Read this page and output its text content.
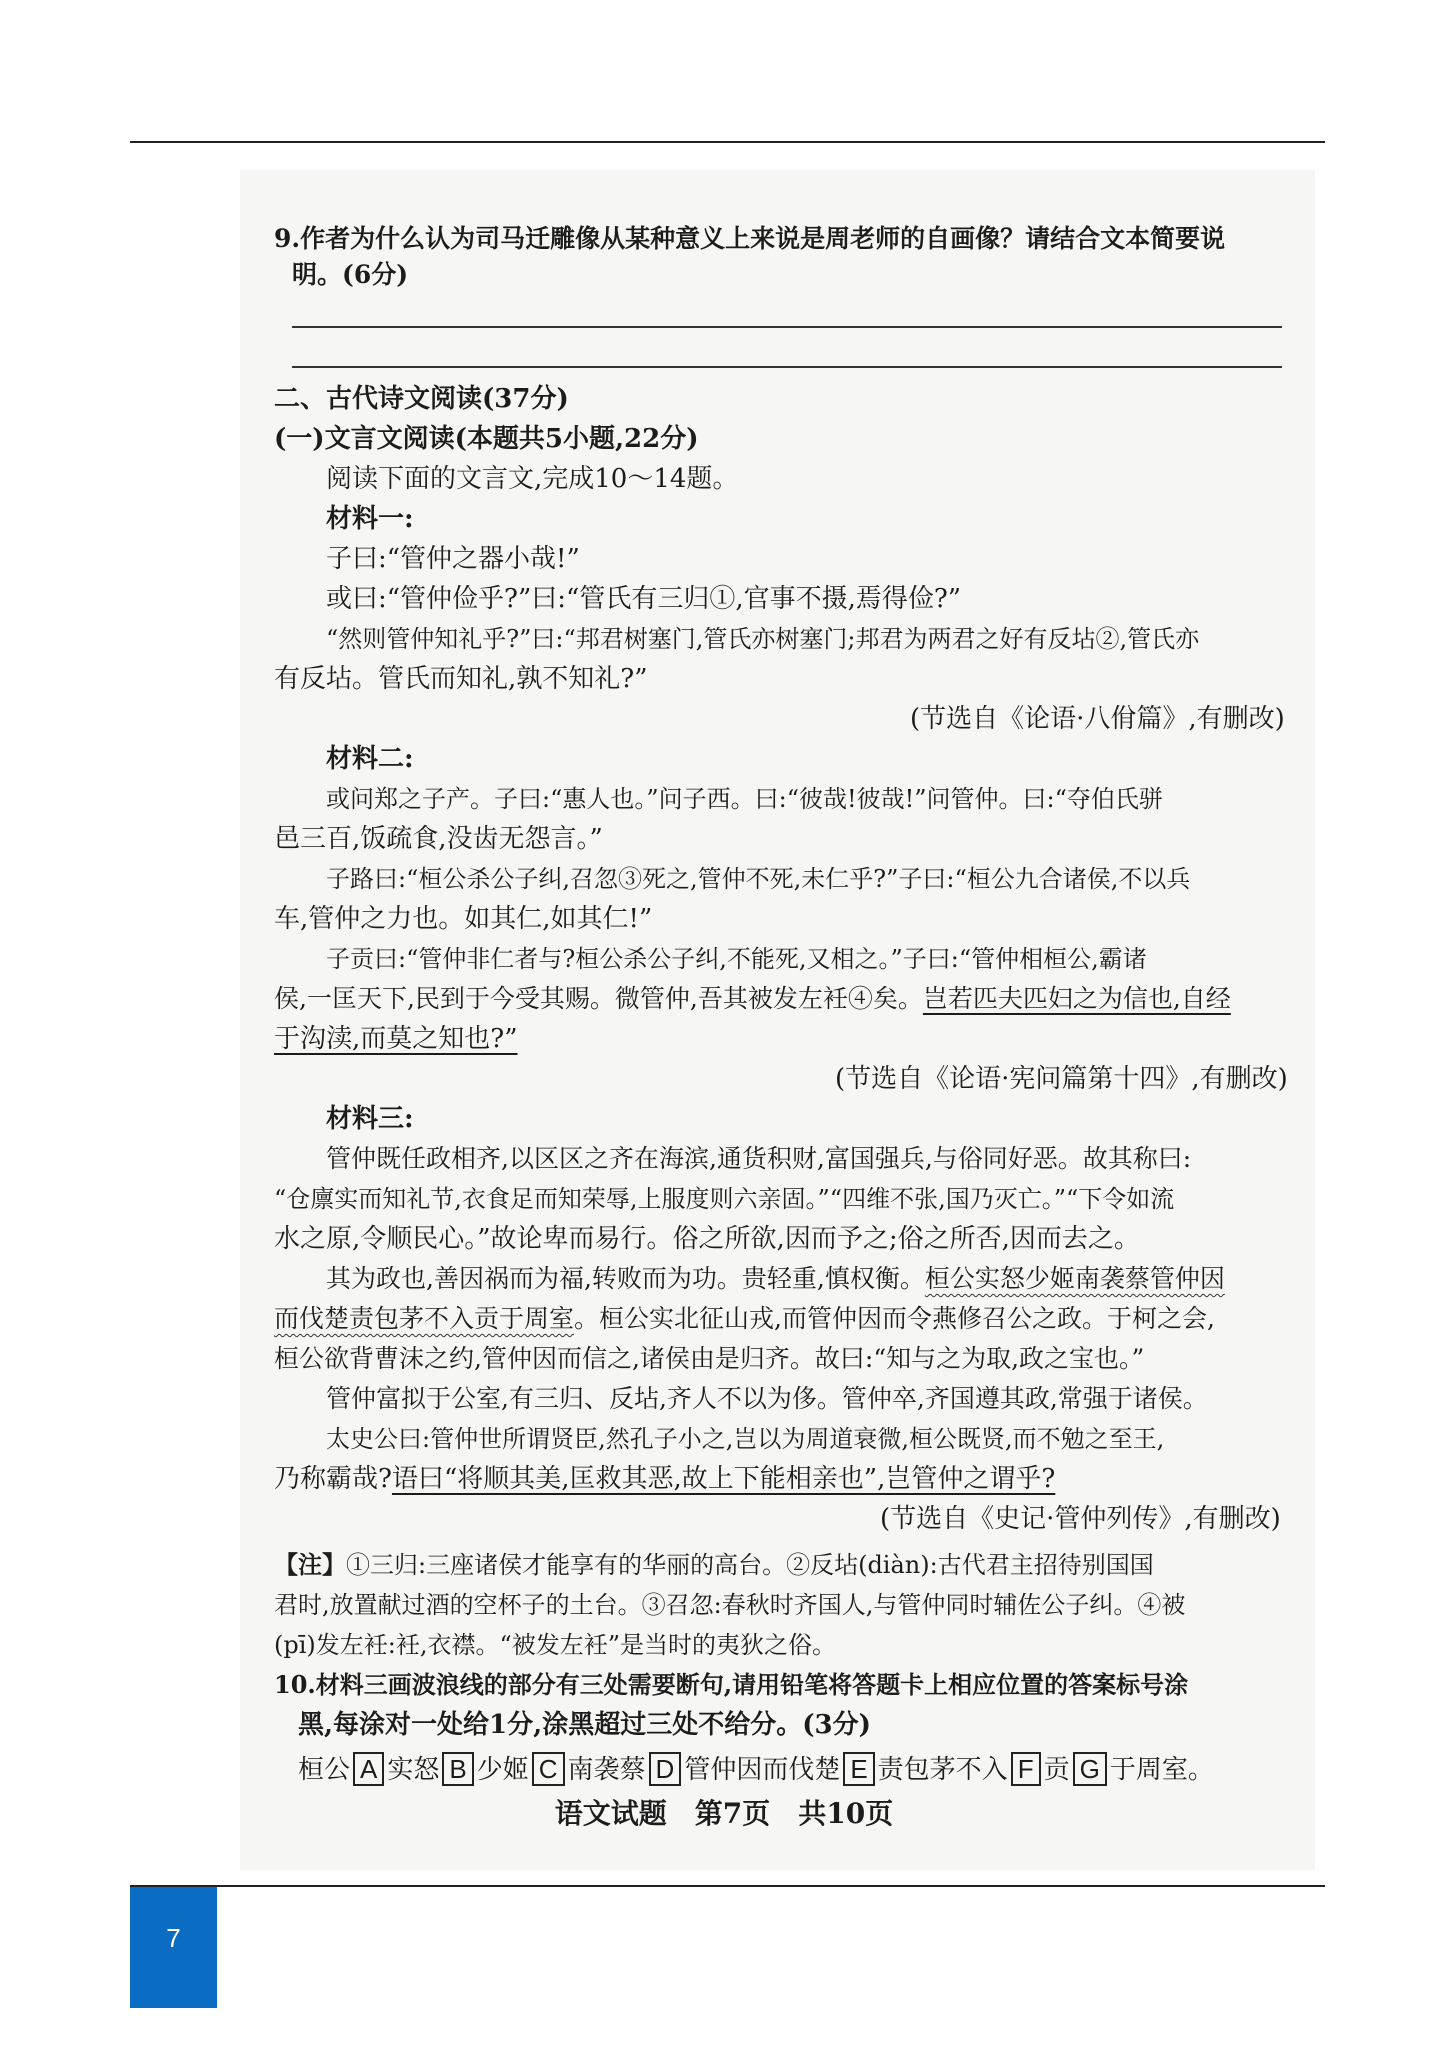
9.作者为什么认为司马迁雕像从某种意义上来说是周老师的自画像？请结合文本简要说
明。(6分)
二、古代诗文阅读(37分)
(一)文言文阅读(本题共5小题,22分)
阅读下面的文言文,完成10～14题。
材料一:
子曰:“管仲之器小哉!”
或曰:“管仲俭乎?”曰:“管氏有三归①,官事不摄,焉得俭?”
“然则管仲知礼乎?”曰:“邦君树塞门,管氏亦树塞门;邦君为两君之好有反坫②,管氏亦
有反坫。管氏而知礼,孰不知礼?”
(节选自《论语·八佾篇》,有删改)
材料二:
或问郑之子产。子曰:“惠人也。”问子西。曰:“彼哉!彼哉!”问管仲。曰:“夺伯氏骈
邑三百,饭疏食,没齿无怨言。”
子路曰:“桓公杀公子纠,召忽③死之,管仲不死,未仁乎?”子曰:“桓公九合诸侯,不以兵
车,管仲之力也。如其仁,如其仁!”
子贡曰:“管仲非仁者与?桓公杀公子纠,不能死,又相之。”子曰:“管仲相桓公,霸诸
侯,一匡天下,民到于今受其赐。微管仲,吾其被发左衽④矣。岂若匹夫匹妇之为信也,自经
于沟渎,而莫之知也?”
(节选自《论语·宪问篇第十四》,有删改)
材料三:
管仲既任政相齐,以区区之齐在海滨,通货积财,富国强兵,与俗同好恶。故其称曰:
“仓廪实而知礼节,衣食足而知荣辱,上服度则六亲固。”“四维不张,国乃灭亡。”“下令如流
水之原,令顺民心。”故论卑而易行。俗之所欲,因而予之;俗之所否,因而去之。
其为政也,善因祸而为福,转败而为功。贵轻重,慎权衡。桓公实怒少姬南袭蔡管仲因
而伐楚责包茅不入贡于周室。桓公实北征山戎,而管仲因而令燕修召公之政。于柯之会,
桓公欲背曹沫之约,管仲因而信之,诸侯由是归齐。故曰:“知与之为取,政之宝也。”
管仲富拟于公室,有三归、反坫,齐人不以为侈。管仲卒,齐国遵其政,常强于诸侯。
太史公曰:管仲世所谓贤臣,然孔子小之,岂以为周道衰微,桓公既贤,而不勉之至王,
乃称霸哉?语曰“将顺其美,匡救其恶,故上下能相亲也”,岂管仲之谓乎?
(节选自《史记·管仲列传》,有删改)
【注】①三归:三座诸侯才能享有的华丽的高台。②反坫(diàn):古代君主招待别国国
君时,放置献过酒的空杯子的土台。③召忽:春秋时齐国人,与管仲同时辅佐公子纠。④被
(pī)发左衽:衽,衣襟。“被发左衽”是当时的夷狄之俗。
10.材料三画波浪线的部分有三处需要断句,请用铅笔将答题卡上相应位置的答案标号涂
黑,每涂对一处给1分,涂黑超过三处不给分。(3分)
桓公 A 实怒 B 少姬 C 南袭蔡 D 管仲因而伐楚 E 责包茅不入 F 贡 G 于周室。
语文试题　第7页　共10页
7
